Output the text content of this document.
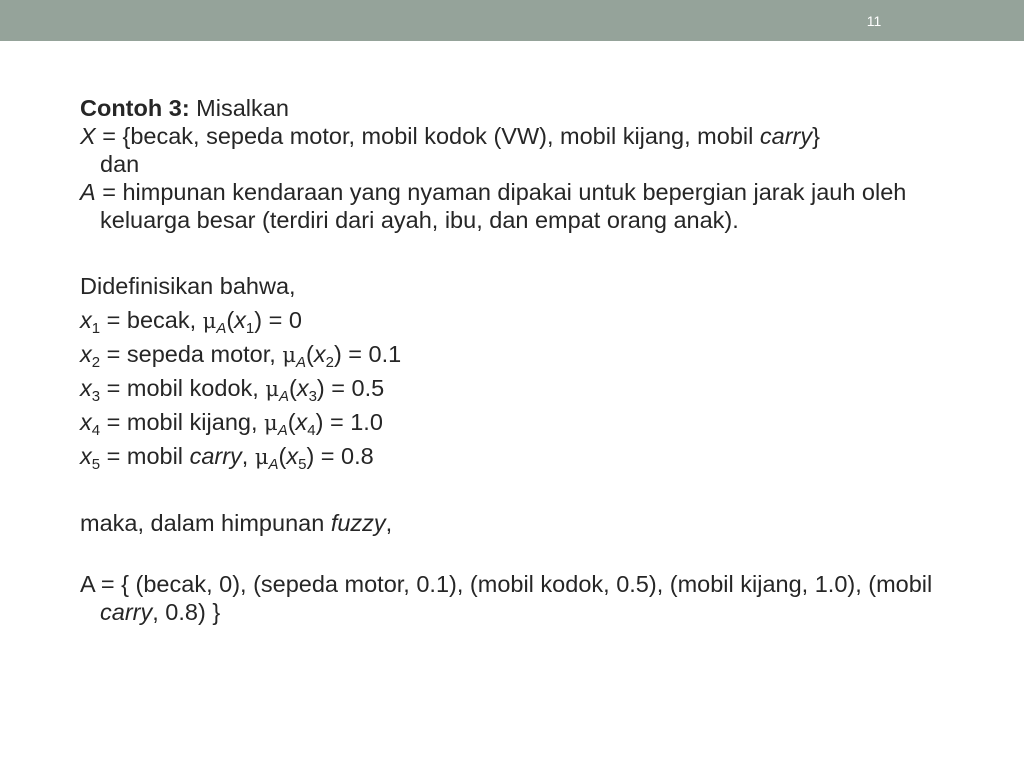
11

Contoh 3: Misalkan

X = {becak, sepeda motor, mobil kodok (VW), mobil kijang, mobil carry}
dan

A = himpunan kendaraan yang nyaman dipakai untuk bepergian jarak jauh oleh keluarga besar (terdiri dari ayah, ibu, dan empat orang anak).

Didefinisikan bahwa,

$x_1$ = becak, $\mu_A(x_1) = 0$

$x_2$ = sepeda motor, $\mu_A(x_2) = 0.1$

$x_3$ = mobil kodok, $\mu_A(x_3) = 0.5$

$x_4$ = mobil kijang, $\mu_A(x_4) = 1.0$

$x_5$ = mobil carry, $\mu_A(x_5) = 0.8$

maka, dalam himpunan fuzzy,

A = { (becak, 0), (sepeda motor, 0.1), (mobil kodok, 0.5), (mobil kijang, 1.0), (mobil carry, 0.8) }
